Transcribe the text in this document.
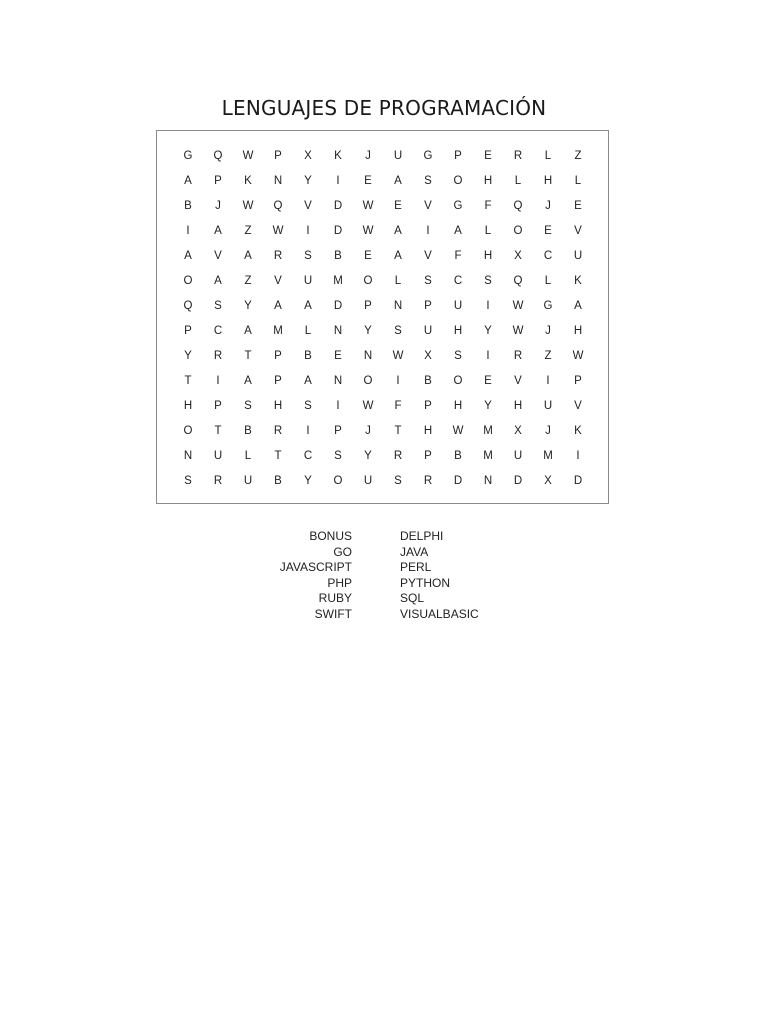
LENGUAJES DE PROGRAMACIÓN
G	Q	W	P	X	K	J	U	G	P	E	R	L	Z
A	P	K	N	Y	I	E	A	S	O	H	L	H	L
B	J	W	Q	V	D	W	E	V	G	F	Q	J	E
I	A	Z	W	I	D	W	A	I	A	L	O	E	V
A	V	A	R	S	B	E	A	V	F	H	X	C	U
O	A	Z	V	U	M	O	L	S	C	S	Q	L	K
Q	S	Y	A	A	D	P	N	P	U	I	W	G	A
P	C	A	M	L	N	Y	S	U	H	Y	W	J	H
Y	R	T	P	B	E	N	W	X	S	I	R	Z	W
T	I	A	P	A	N	O	I	B	O	E	V	I	P
H	P	S	H	S	I	W	F	P	H	Y	H	U	V
O	T	B	R	I	P	J	T	H	W	M	X	J	K
N	U	L	T	C	S	Y	R	P	B	M	U	M	I
S	R	U	B	Y	O	U	S	R	D	N	D	X	D
BONUS
GO
JAVASCRIPT
PHP
RUBY
SWIFT
DELPHI
JAVA
PERL
PYTHON
SQL
VISUALBASIC
